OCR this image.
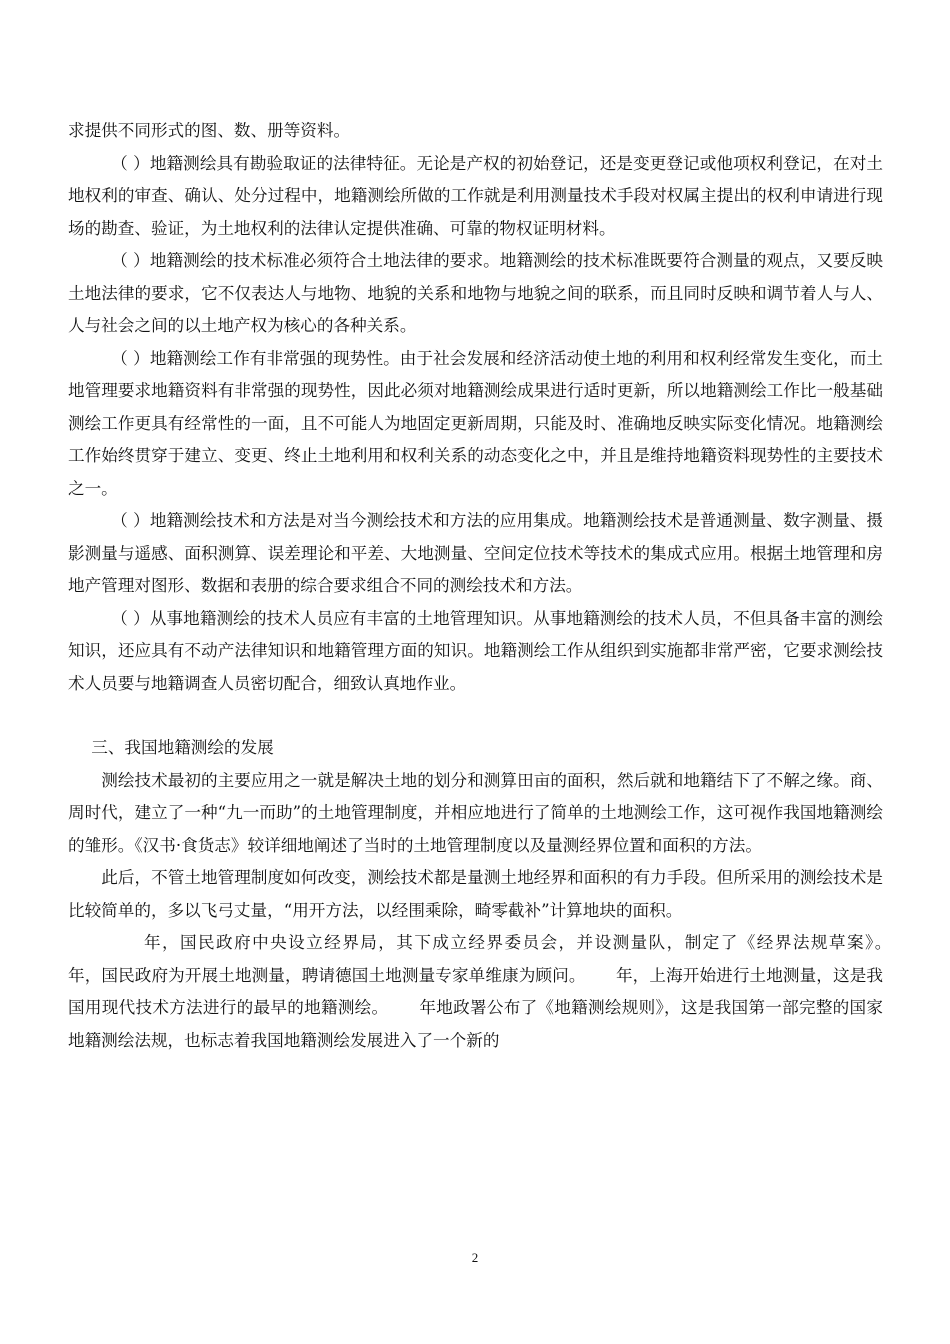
求提供不同形式的图、数、册等资料。

（ ）地籍测绘具有勘验取证的法律特征。无论是产权的初始登记，还是变更登记或他项权利登记，在对土地权利的审查、确认、处分过程中，地籍测绘所做的工作就是利用测量技术手段对权属主提出的权利申请进行现场的勘查、验证，为土地权利的法律认定提供准确、可靠的物权证明材料。

（ ）地籍测绘的技术标准必须符合土地法律的要求。地籍测绘的技术标准既要符合测量的观点，又要反映土地法律的要求，它不仅表达人与地物、地貌的关系和地物与地貌之间的联系，而且同时反映和调节着人与人、人与社会之间的以土地产权为核心的各种关系。

（ ）地籍测绘工作有非常强的现势性。由于社会发展和经济活动使土地的利用和权利经常发生变化，而土地管理要求地籍资料有非常强的现势性，因此必须对地籍测绘成果进行适时更新，所以地籍测绘工作比一般基础测绘工作更具有经常性的一面，且不可能人为地固定更新周期，只能及时、准确地反映实际变化情况。地籍测绘工作始终贯穿于建立、变更、终止土地利用和权利关系的动态变化之中，并且是维持地籍资料现势性的主要技术之一。

（ ）地籍测绘技术和方法是对当今测绘技术和方法的应用集成。地籍测绘技术是普通测量、数字测量、摄影测量与遥感、面积测算、误差理论和平差、大地测量、空间定位技术等技术的集成式应用。根据土地管理和房地产管理对图形、数据和表册的综合要求组合不同的测绘技术和方法。

（ ）从事地籍测绘的技术人员应有丰富的土地管理知识。从事地籍测绘的技术人员，不但具备丰富的测绘知识，还应具有不动产法律知识和地籍管理方面的知识。地籍测绘工作从组织到实施都非常严密，它要求测绘技术人员要与地籍调查人员密切配合，细致认真地作业。

三、我国地籍测绘的发展

测绘技术最初的主要应用之一就是解决土地的划分和测算田亩的面积，然后就和地籍结下了不解之缘。商、周时代，建立了一种“九一而助”的土地管理制度，并相应地进行了简单的土地测绘工作，这可视作我国地籍测绘的雏形。《汉书·食货志》较详细地阐述了当时的土地管理制度以及量测经界位置和面积的方法。

此后，不管土地管理制度如何改变，测绘技术都是量测土地经界和面积的有力手段。但所采用的测绘技术是比较简单的，多以飞弓丈量，“用开方法，以经围乘除，畸零截补”计算地块的面积。

　　 年，国民政府中央设立经界局，其下成立经界委员会，并设测量队，制定了《经界法规草案》。　　 年，国民政府为开展土地测量，聘请德国土地测量专家单维康为顾问。　　 年，上海开始进行土地测量，这是我国用现代技术方法进行的最早的地籍测绘。　　 年地政署公布了《地籍测绘规则》，这是我国第一部完整的国家地籍测绘法规，也标志着我国地籍测绘发展进入了一个新的

2
